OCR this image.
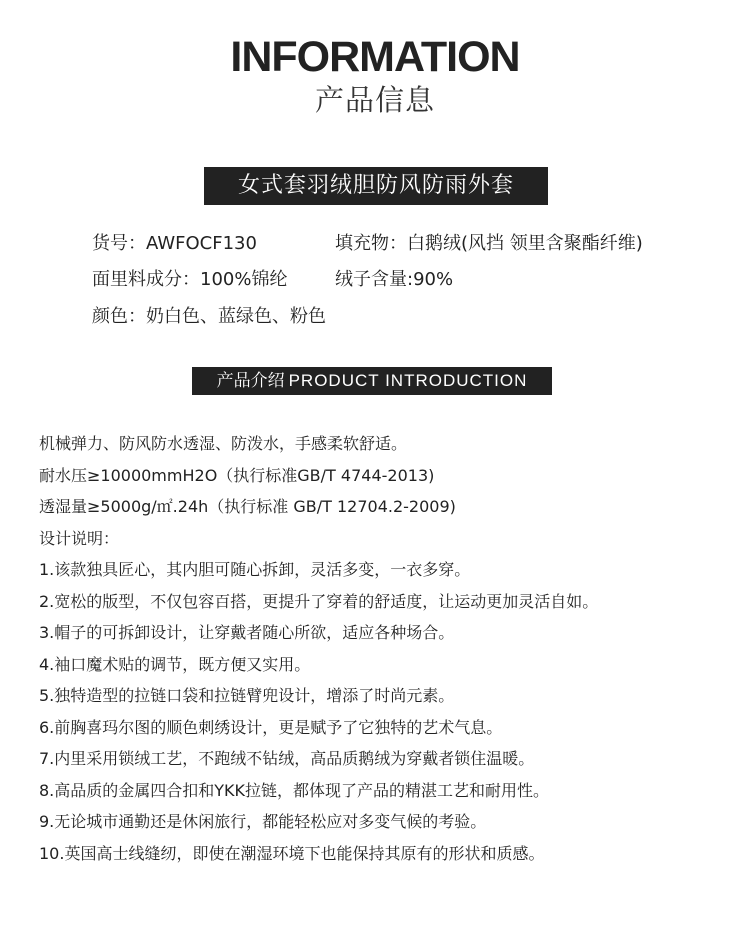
INFORMATION
产品信息
女式套羽绒胆防风防雨外套
货号：AWFOCF130	填充物：白鹅绒(风挡 领里含聚酯纤维)
面里料成分：100%锦纶	绒子含量:90%
颜色：奶白色、蓝绿色、粉色
产品介绍 PRODUCT INTRODUCTION
机械弹力、防风防水透湿、防泼水，手感柔软舒适。
耐水压≥10000mmH2O（执行标准GB/T 4744-2013)
透湿量≥5000g/㎡.24h（执行标准 GB/T 12704.2-2009)
设计说明：
1.该款独具匠心，其内胆可随心拆卸，灵活多变，一衣多穿。
2.宽松的版型，不仅包容百搭，更提升了穿着的舒适度，让运动更加灵活自如。
3.帽子的可拆卸设计，让穿戴者随心所欲，适应各种场合。
4.袖口魔术贴的调节，既方便又实用。
5.独特造型的拉链口袋和拉链臂兜设计，增添了时尚元素。
6.前胸喜玛尔图的顺色刺绣设计，更是赋予了它独特的艺术气息。
7.内里采用锁绒工艺，不跑绒不钻绒，高品质鹅绒为穿戴者锁住温暖。
8.高品质的金属四合扣和YKK拉链，都体现了产品的精湛工艺和耐用性。
9.无论城市通勤还是休闲旅行，都能轻松应对多变气候的考验。
10.英国高士线缝纫，即使在潮湿环境下也能保持其原有的形状和质感。
